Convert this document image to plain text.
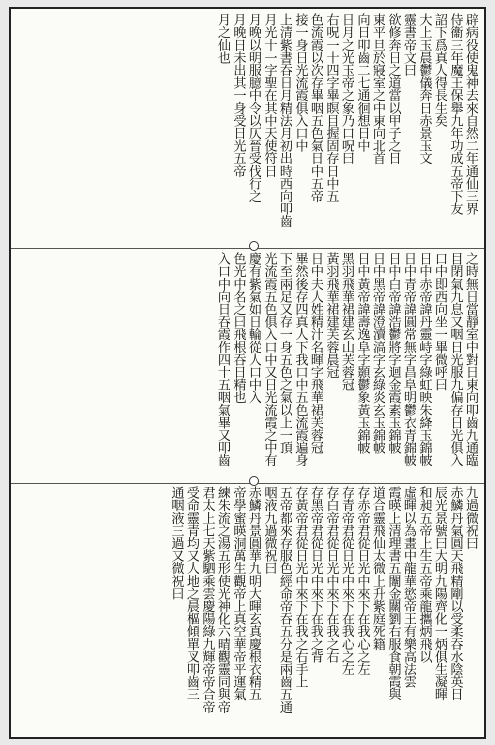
辟病役使鬼神去來自然二年通仙三界
侍衞三年魔王保舉九年功成五帝下友
詔下爲真人得長生矣
大上玉晨鬱儀奔日赤景玉文
靈書帝文曰
欲修奔日之道當以甲子之日
東平旦於寢室之中東向北首
向日叩齒二七通徊想日中
日月之光玉帝之象乃口呪曰
右呪一十四字畢瞑目握固存日中五
色流霞以次存畢咽五色氣日中五帝
接一身日光流霞俱入口中
上清紫書吞日月精法月初出時西向叩齒
月光十一字聖在其中天使符日
月晚以明服臆中令以仄晉受伐行之
月晚日未出其一身受日光五帝
月之仙也
之時無日當靜室中對日東向叩齒九通臨
目閉氣九息又咽日光服九偏存日光俱入
口中即西向坐一畢微呼曰
日中赤帝諱丹靈峙字綠虹映朱絳玉錦帔
日中青帝諱圓常無字昌阜明鬱衣青錦帔
日中白帝諱浩鬱將字迴金霞素玉錦帔
日中黑帝諱澄瀆滈字玄綠炎玄玉錦帔
日中黃帝諱壽逸阜字顥鬱象黃玉錦帔
黑羽飛華裙建玄山芙蓉冠
黃羽飛華裙建芙蓉晨冠
日中夫人姓精汁名暉字飛華裙芙蓉冠
畢然後存四真人下我口中五色流霞遍身
下至兩足又存一身五色之氣以上一頂
光流霞五色俱入口中又日光流霞之中有
慶有紫氣如日輪從人口中入
色光中名之曰飛根吞日精也
入口中向日吞霞作四十五咽氣畢又叩齒
九過微祝曰
赤鱗丹氣圓天飛精剛以受柔吞水陰英日
辰光景號曰大明九陽齊化一炳俱生凝暉
和昶五帝上生五帝乘龍攜炳飛以
虛暉以為畫中龍華慾帝王有樂高法雲
霞暎上清理書五闈金關劉右服食朝霞與
道合靈飛仙太微上升紫庭死籍
存赤帝君從日光中來下在我心之左
存青帝君從日光中來下在我心之左
存白帝君從日光中來下在我之右
存黑帝君從日光中來下在我之背
存黃帝君從日光中來下在我之右手上
五帝都來存服色經命帝吞五分是兩齒五通
咽液九過微祝曰
赤鱗丹景圓華九明大暉玄真慶根衣精五
帝學蜜暎洞萬生觀帝上真空華帝平運氣
練朱流之湯五形使光神化六晴觀靈同與帝
君太上七天紫駟乘雲慶陽綠九輝帝帝合帝
受命靈青均又人地之晨樞傾單叉叩齒三
通咽液三過又微祝曰
